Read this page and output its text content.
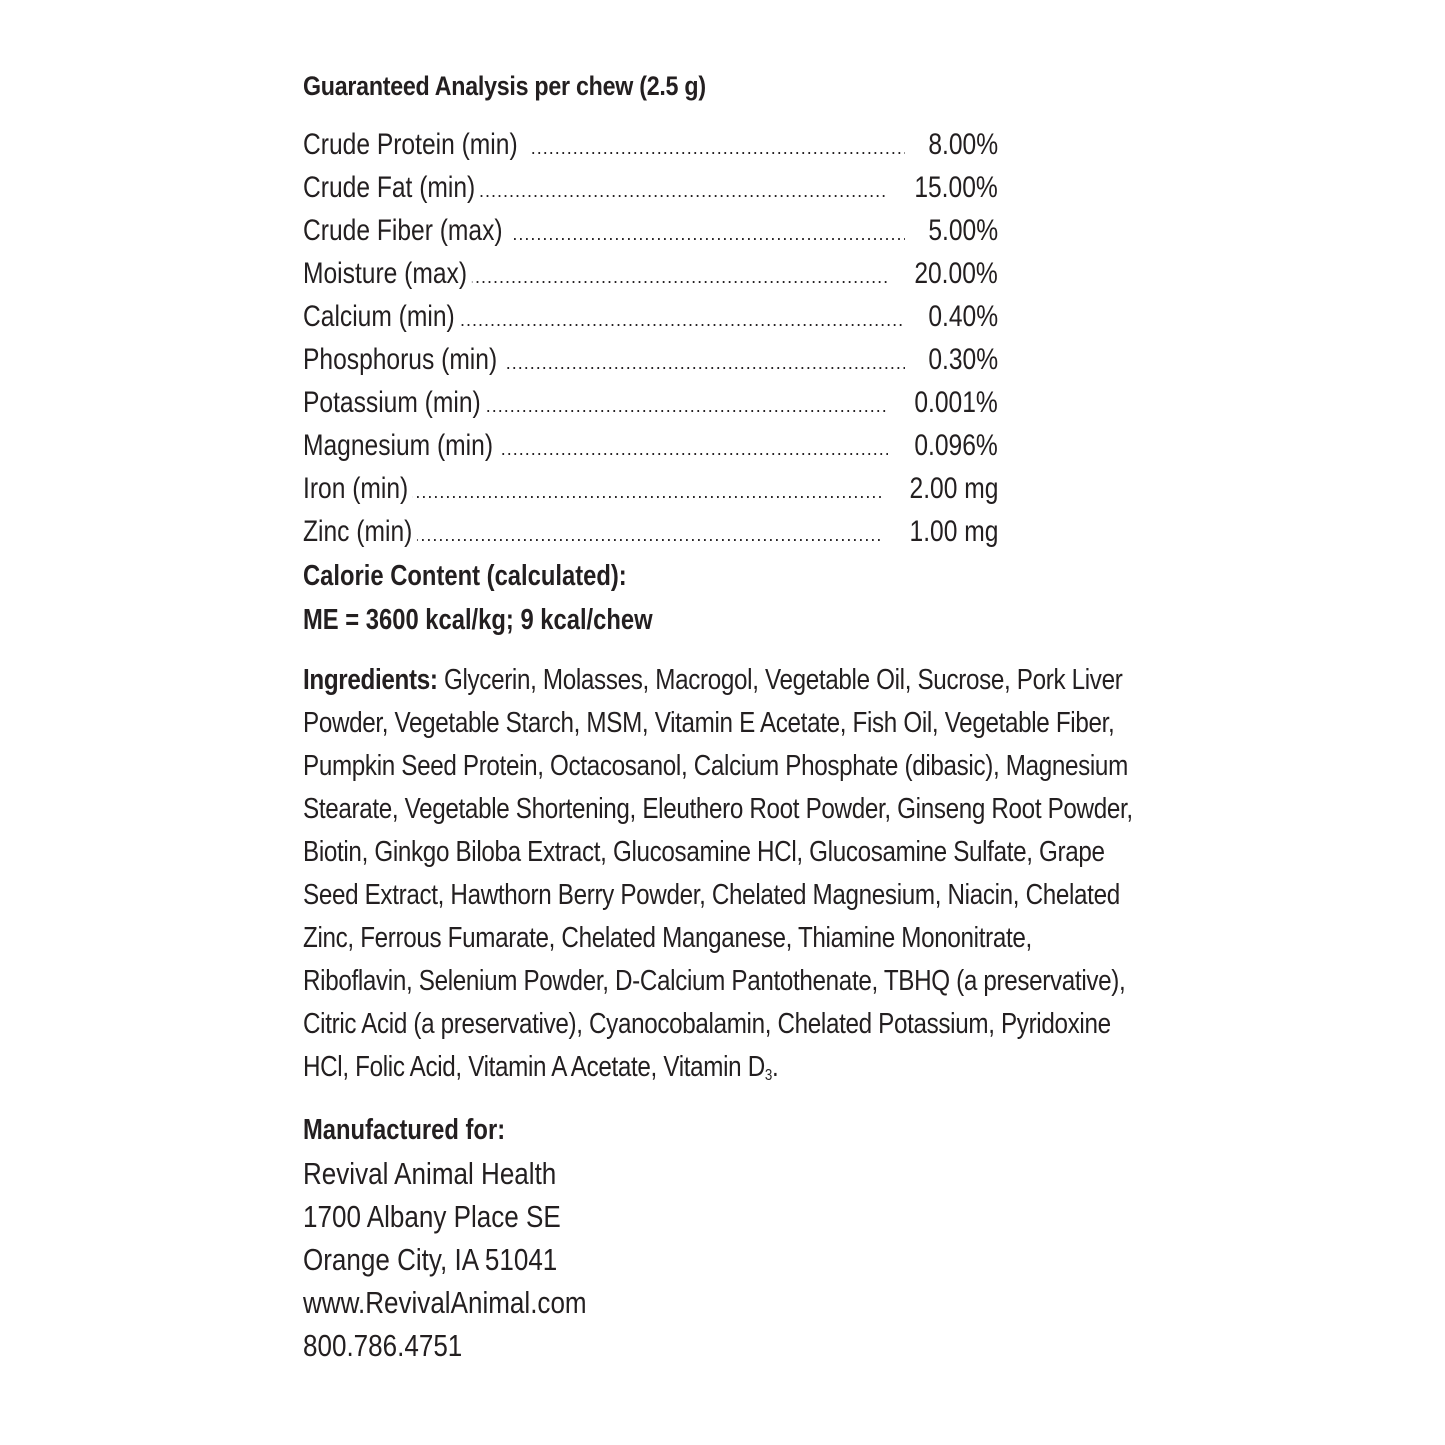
Guaranteed Analysis per chew (2.5 g)
Crude Protein (min) .....	8.00%
Crude Fat (min) .....	15.00%
Crude Fiber (max) .....	5.00%
Moisture (max) .....	20.00%
Calcium (min) .....	0.40%
Phosphorus (min) .....	0.30%
Potassium (min) .....	0.001%
Magnesium (min) .....	0.096%
Iron (min) .....	2.00 mg
Zinc (min) .....	1.00 mg
Calorie Content (calculated):
ME = 3600 kcal/kg; 9 kcal/chew
Ingredients: Glycerin, Molasses, Macrogol, Vegetable Oil, Sucrose, Pork Liver Powder, Vegetable Starch, MSM, Vitamin E Acetate, Fish Oil, Vegetable Fiber, Pumpkin Seed Protein, Octacosanol, Calcium Phosphate (dibasic), Magnesium Stearate, Vegetable Shortening, Eleuthero Root Powder, Ginseng Root Powder, Biotin, Ginkgo Biloba Extract, Glucosamine HCl, Glucosamine Sulfate, Grape Seed Extract, Hawthorn Berry Powder, Chelated Magnesium, Niacin, Chelated Zinc, Ferrous Fumarate, Chelated Manganese, Thiamine Mononitrate, Riboflavin, Selenium Powder, D-Calcium Pantothenate, TBHQ (a preservative), Citric Acid (a preservative), Cyanocobalamin, Chelated Potassium, Pyridoxine HCl, Folic Acid, Vitamin A Acetate, Vitamin $D_3$.
Manufactured for:
Revival Animal Health
1700 Albany Place SE
Orange City, IA 51041
www.RevivalAnimal.com
800.786.4751
